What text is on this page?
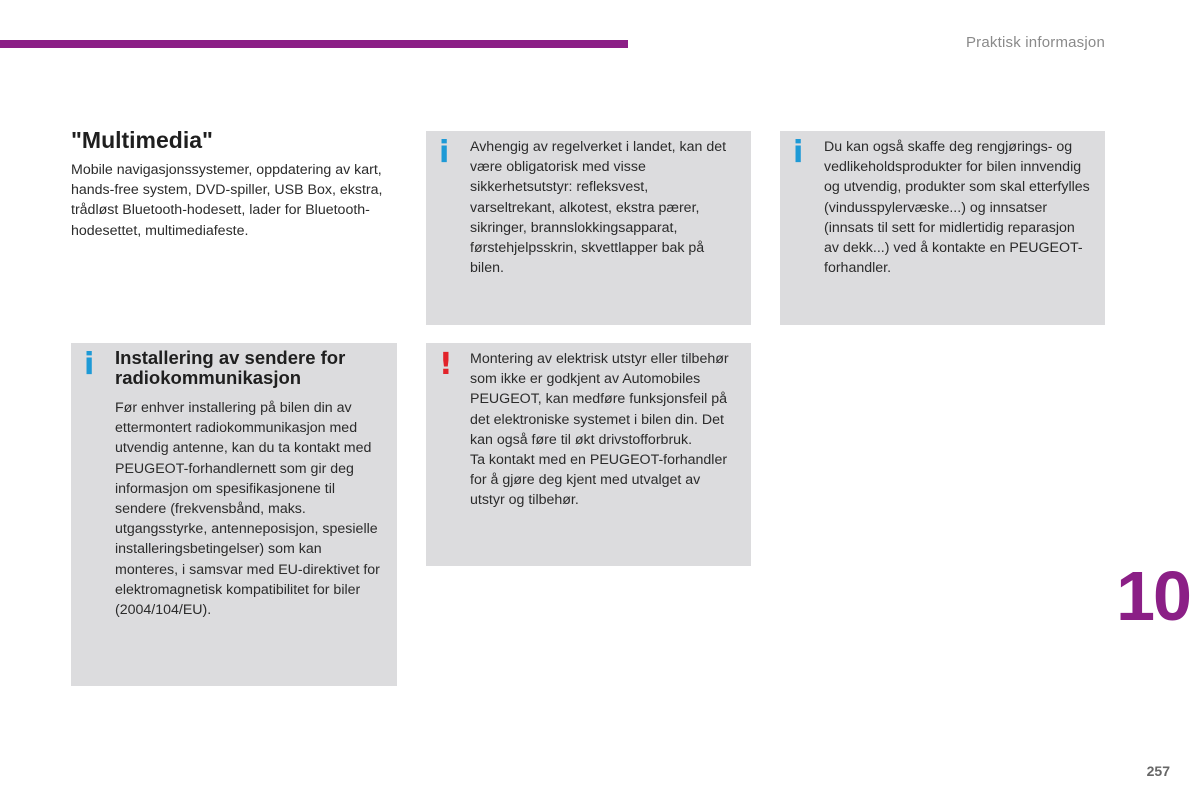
Praktisk informasjon
"Multimedia"

Mobile navigasjonssystemer, oppdatering av kart, hands-free system, DVD-spiller, USB Box, ekstra, trådløst Bluetooth-hodesett, lader for Bluetooth-hodesettet, multimediafeste.

i Avhengig av regelverket i landet, kan det være obligatorisk med visse sikkerhetsutstyr: refleksvest, varseltrekant, alkotest, ekstra pærer, sikringer, brannslokkingsapparat, førstehjelpsskrin, skvettlapper bak på bilen.

i Du kan også skaffe deg rengjørings- og vedlikeholdsprodukter for bilen innvendig og utvendig, produkter som skal etterfylles (vindusspylervæske...) og innsatser (innsats til sett for midlertidig reparasjon av dekk...) ved å kontakte en PEUGEOT-forhandler.

i Installering av sendere for radiokommunikasjon

Før enhver installering på bilen din av ettermontert radiokommunikasjon med utvendig antenne, kan du ta kontakt med PEUGEOT-forhandlernett som gir deg informasjon om spesifikasjonene til sendere (frekvensbånd, maks. utgangsstyrke, antenneposisjon, spesielle installeringsbetingelser) som kan monteres, i samsvar med EU-direktivet for elektromagnetisk kompatibilitet for biler (2004/104/EU).

! Montering av elektrisk utstyr eller tilbehør som ikke er godkjent av Automobiles PEUGEOT, kan medføre funksjonsfeil på det elektroniske systemet i bilen din. Det kan også føre til økt drivstofforbruk.

Ta kontakt med en PEUGEOT-forhandler for å gjøre deg kjent med utvalget av utstyr og tilbehør.

10
257
